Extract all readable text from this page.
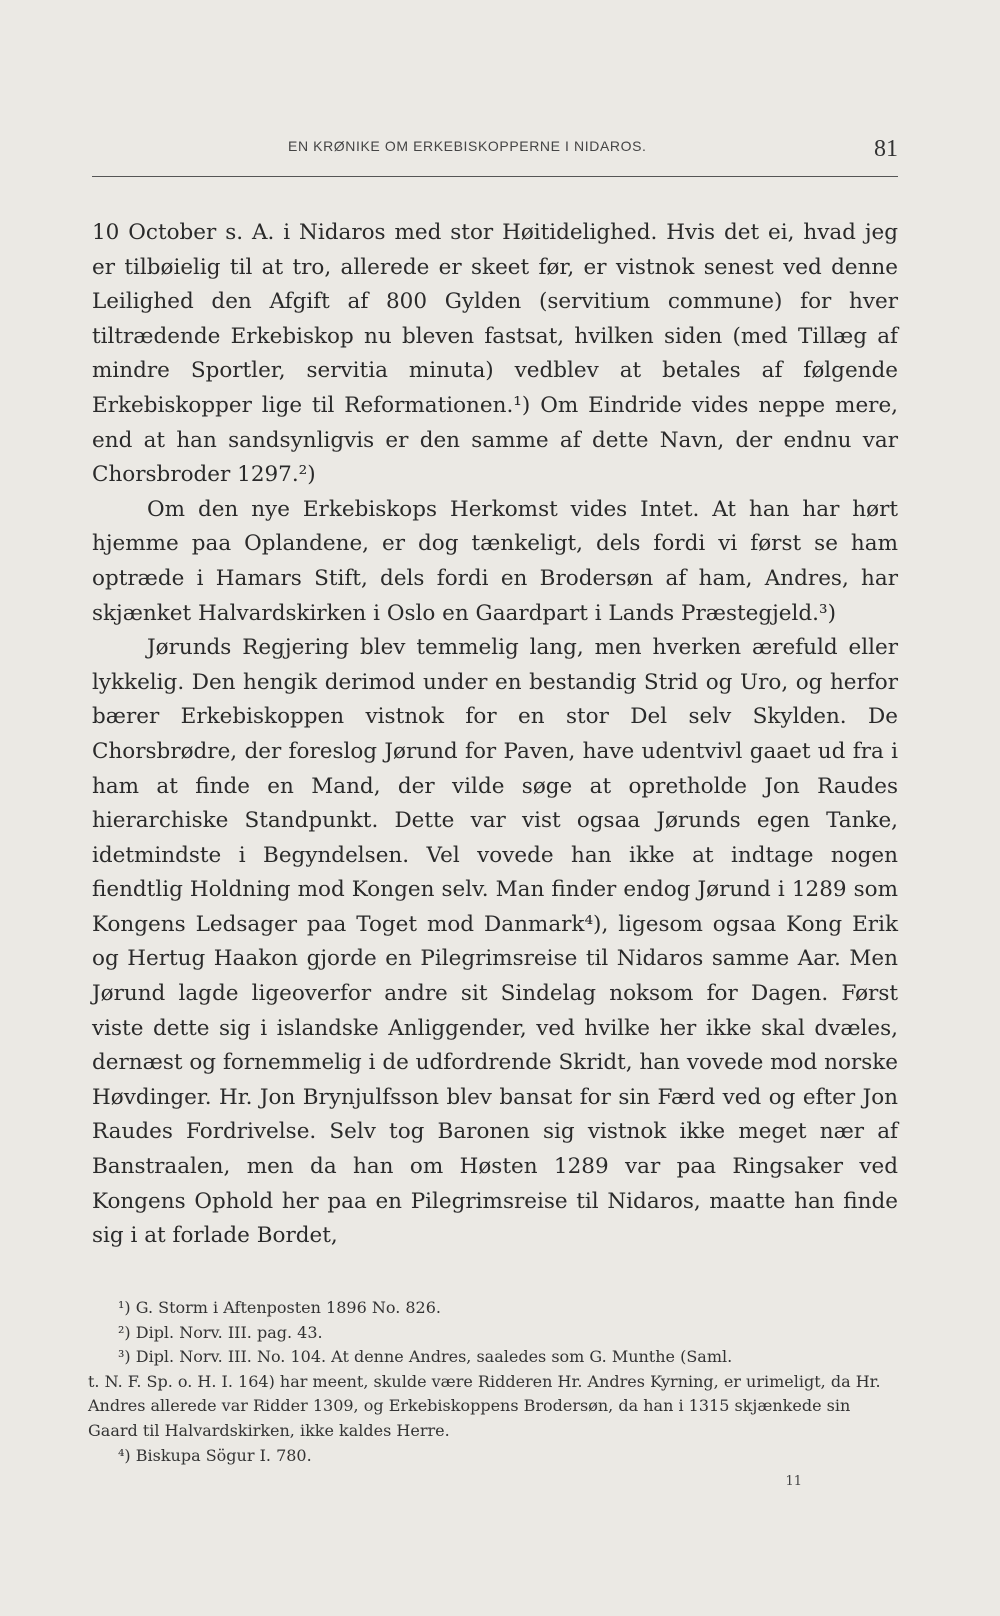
EN KRØNIKE OM ERKEBISKOPPERNE I NIDAROS.	81

10 October s. A. i Nidaros med stor Høitidelighed. Hvis det ei, hvad jeg er tilbøielig til at tro, allerede er skeet før, er vistnok senest ved denne Leilighed den Afgift af 800 Gylden (servitium commune) for hver tiltrædende Erkebiskop nu bleven fastsat, hvilken siden (med Tillæg af mindre Sportler, servitia minuta) vedblev at betales af følgende Erkebiskopper lige til Reformationen.¹) Om Eindride vides neppe mere, end at han sandsynligvis er den samme af dette Navn, der endnu var Chorsbroder 1297.²)

Om den nye Erkebiskops Herkomst vides Intet. At han har hørt hjemme paa Oplandene, er dog tænkeligt, dels fordi vi først se ham optræde i Hamars Stift, dels fordi en Brodersøn af ham, Andres, har skjænket Halvardskirken i Oslo en Gaardpart i Lands Præstegjeld.³)

Jørunds Regjering blev temmelig lang, men hverken ærefuld eller lykkelig. Den hengik derimod under en bestandig Strid og Uro, og herfor bærer Erkebiskoppen vistnok for en stor Del selv Skylden. De Chorsbrødre, der foreslog Jørund for Paven, have udentvivl gaaet ud fra i ham at finde en Mand, der vilde søge at opretholde Jon Raudes hierarchiske Standpunkt. Dette var vist ogsaa Jørunds egen Tanke, idetmindste i Begyndelsen. Vel vovede han ikke at indtage nogen fiendtlig Holdning mod Kongen selv. Man finder endog Jørund i 1289 som Kongens Ledsager paa Toget mod Danmark⁴), ligesom ogsaa Kong Erik og Hertug Haakon gjorde en Pilegrimsreise til Nidaros samme Aar. Men Jørund lagde ligeoverfor andre sit Sindelag noksom for Dagen. Først viste dette sig i islandske Anliggender, ved hvilke her ikke skal dvæles, dernæst og fornemmelig i de udfordrende Skridt, han vovede mod norske Høvdinger. Hr. Jon Brynjulfsson blev bansat for sin Færd ved og efter Jon Raudes Fordrivelse. Selv tog Baronen sig vistnok ikke meget nær af Banstraalen, men da han om Høsten 1289 var paa Ringsaker ved Kongens Ophold her paa en Pilegrimsreise til Nidaros, maatte han finde sig i at forlade Bordet,

¹) G. Storm i Aftenposten 1896 No. 826.

²) Dipl. Norv. III. pag. 43.

³) Dipl. Norv. III. No. 104. At denne Andres, saaledes som G. Munthe (Saml.

t. N. F. Sp. o. H. I. 164) har meent, skulde være Ridderen Hr. Andres Kyrning, er urimeligt, da Hr. Andres allerede var Ridder 1309, og Erkebiskoppens Brodersøn, da han i 1315 skjænkede sin Gaard til Halvardskirken, ikke kaldes Herre.

⁴) Biskupa Sögur I. 780.

11
